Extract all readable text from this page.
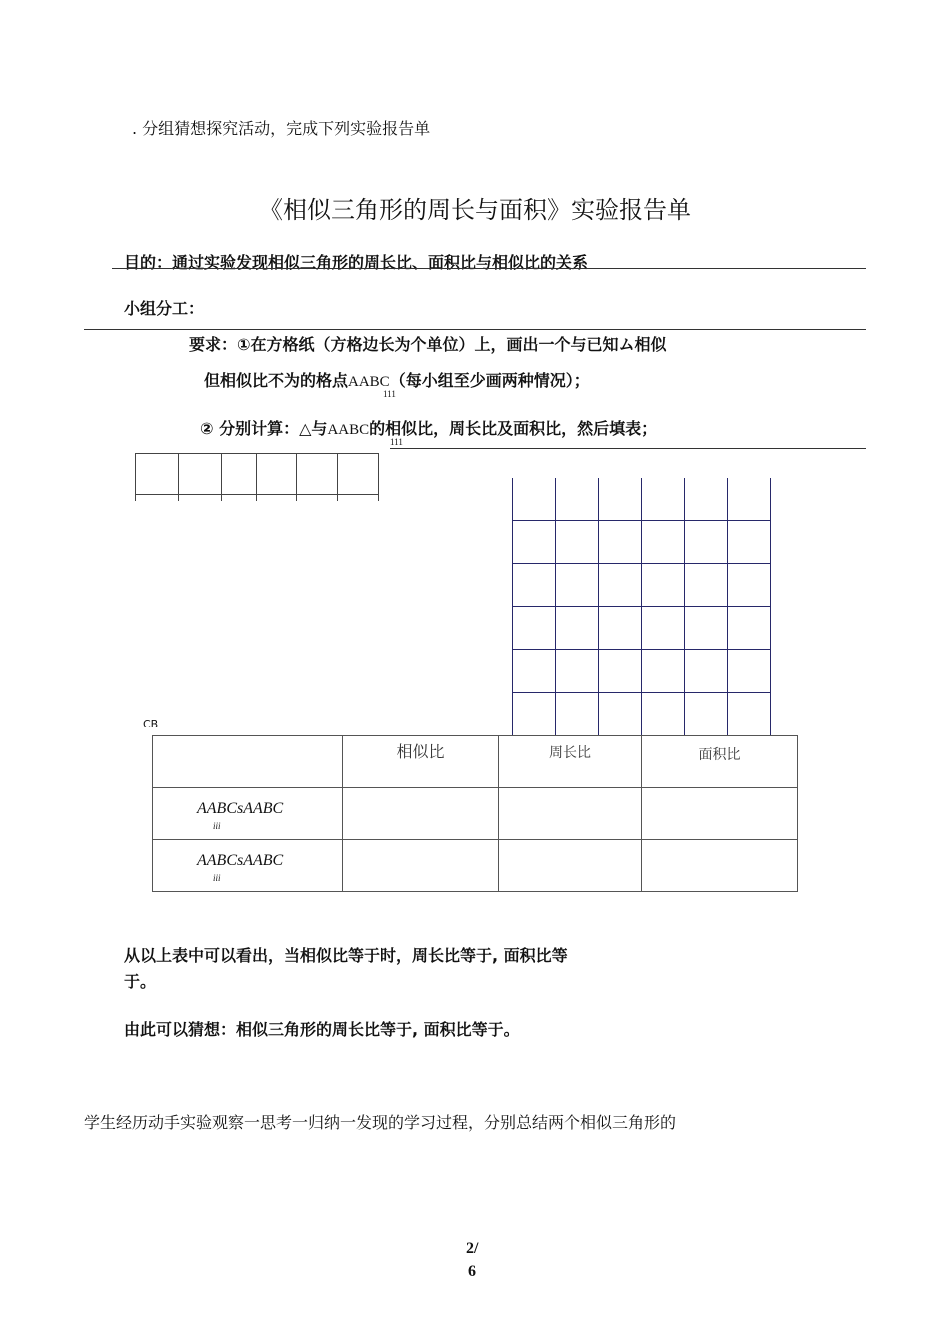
. 分组猜想探究活动，完成下列实验报告单
《相似三角形的周长与面积》实验报告单
目的：通过实验发现相似三角形的周长比、面积比与相似比的关系
小组分工：
要求：①在方格纸（方格边长为个单位）上，画出一个与已知ム相似
但相似比不为的格点AABC（每小组至少画两种情况）；
111
② 分别计算：△与AABC的相似比，周长比及面积比，然后填表；
111
CB

	相似比	周长比	面积比

AABCsAABC
iii			

AABCsAABC
iii			

从以上表中可以看出，当相似比等于时，周长比等于, 面积比等
于。
由此可以猜想：相似三角形的周长比等于, 面积比等于。
学生经历动手实验观察一思考一归纳一发现的学习过程，分别总结两个相似三角形的
2/
6
